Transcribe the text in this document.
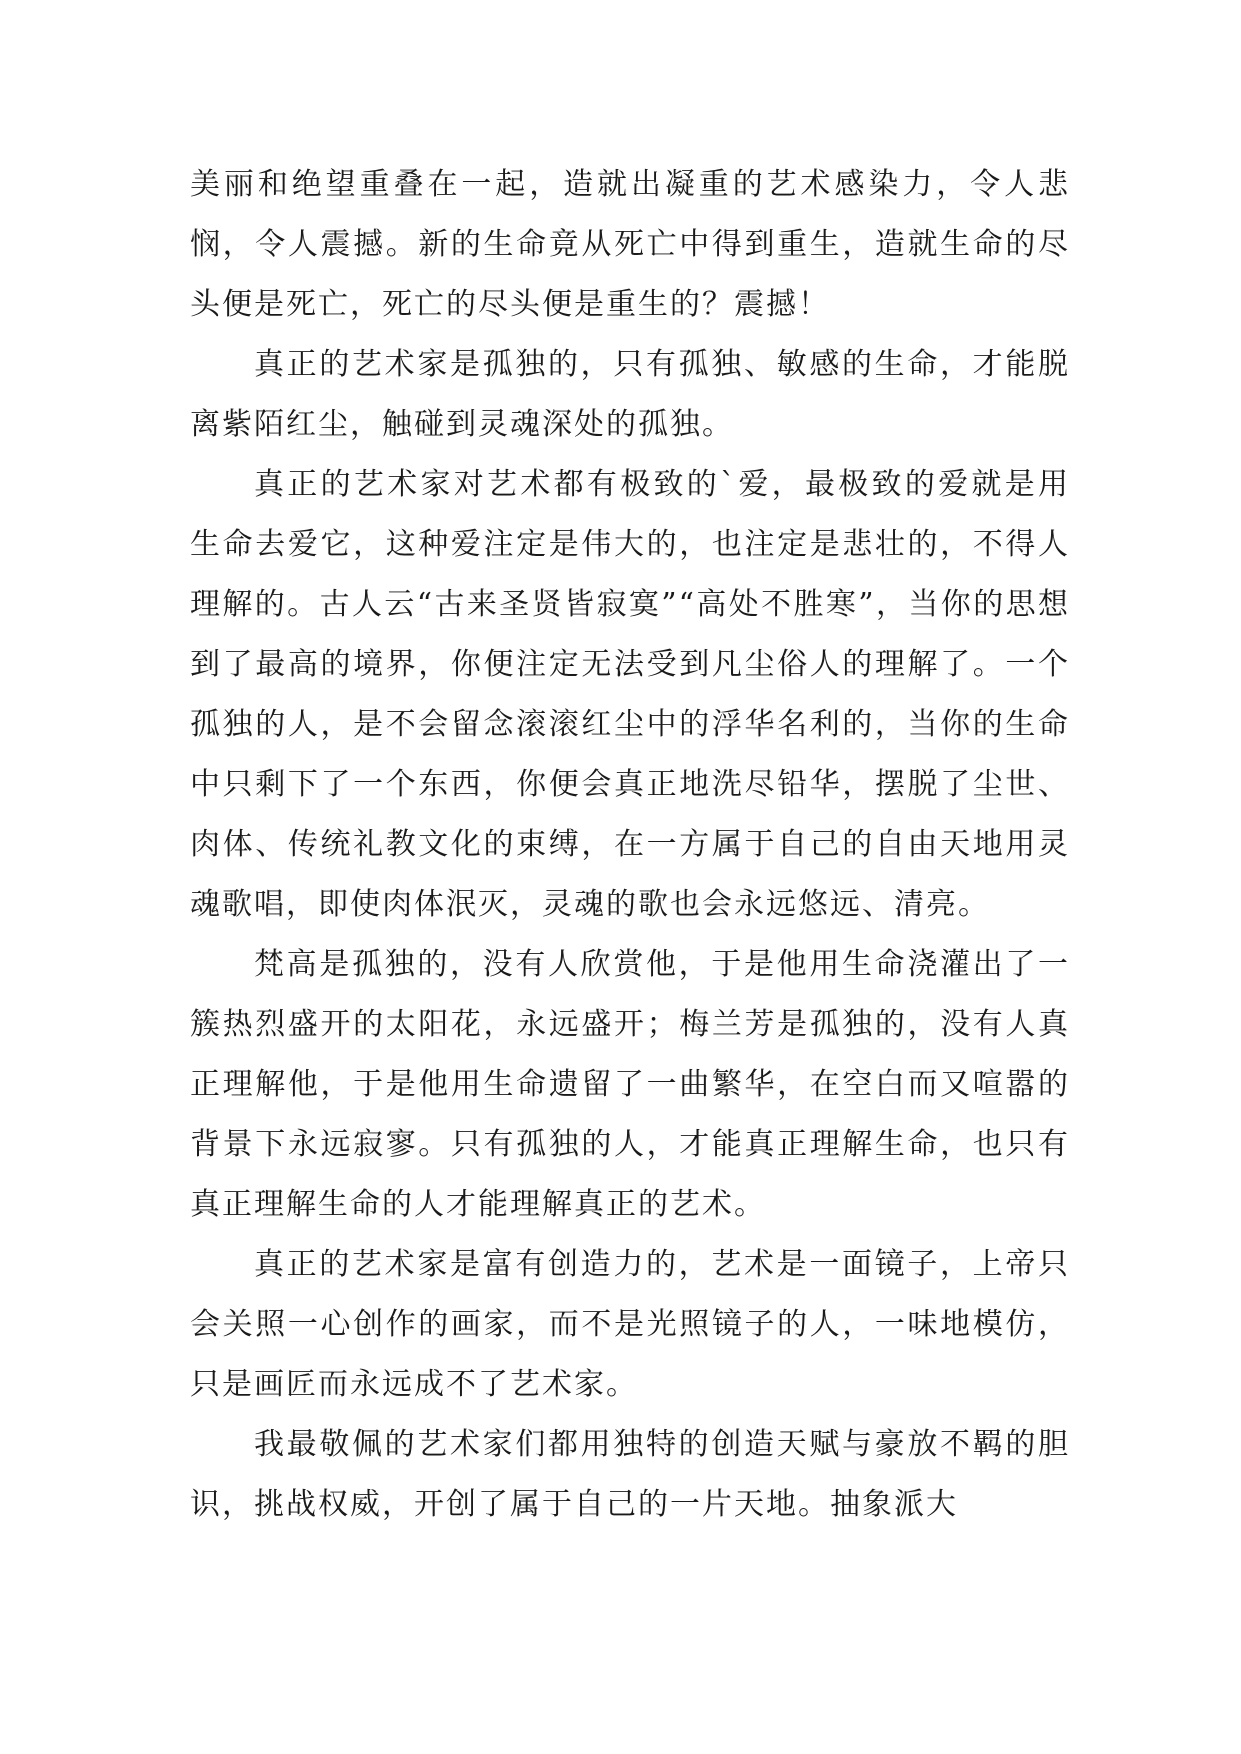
美丽和绝望重叠在一起，造就出凝重的艺术感染力，令人悲悯，令人震撼。新的生命竟从死亡中得到重生，造就生命的尽头便是死亡，死亡的尽头便是重生的？震撼！

真正的艺术家是孤独的，只有孤独、敏感的生命，才能脱离紫陌红尘，触碰到灵魂深处的孤独。

真正的艺术家对艺术都有极致的`爱，最极致的爱就是用生命去爱它，这种爱注定是伟大的，也注定是悲壮的，不得人理解的。古人云“古来圣贤皆寂寞”“高处不胜寒”，当你的思想到了最高的境界，你便注定无法受到凡尘俗人的理解了。一个孤独的人，是不会留念滚滚红尘中的浮华名利的，当你的生命中只剩下了一个东西，你便会真正地洗尽铅华，摆脱了尘世、肉体、传统礼教文化的束缚，在一方属于自己的自由天地用灵魂歌唱，即使肉体泯灭，灵魂的歌也会永远悠远、清亮。

梵高是孤独的，没有人欣赏他，于是他用生命浇灌出了一簇热烈盛开的太阳花，永远盛开；梅兰芳是孤独的，没有人真正理解他，于是他用生命遗留了一曲繁华，在空白而又喧嚣的背景下永远寂寥。只有孤独的人，才能真正理解生命，也只有真正理解生命的人才能理解真正的艺术。

真正的艺术家是富有创造力的，艺术是一面镜子，上帝只会关照一心创作的画家，而不是光照镜子的人，一味地模仿，只是画匠而永远成不了艺术家。

我最敬佩的艺术家们都用独特的创造天赋与豪放不羁的胆识，挑战权威，开创了属于自己的一片天地。抽象派大
